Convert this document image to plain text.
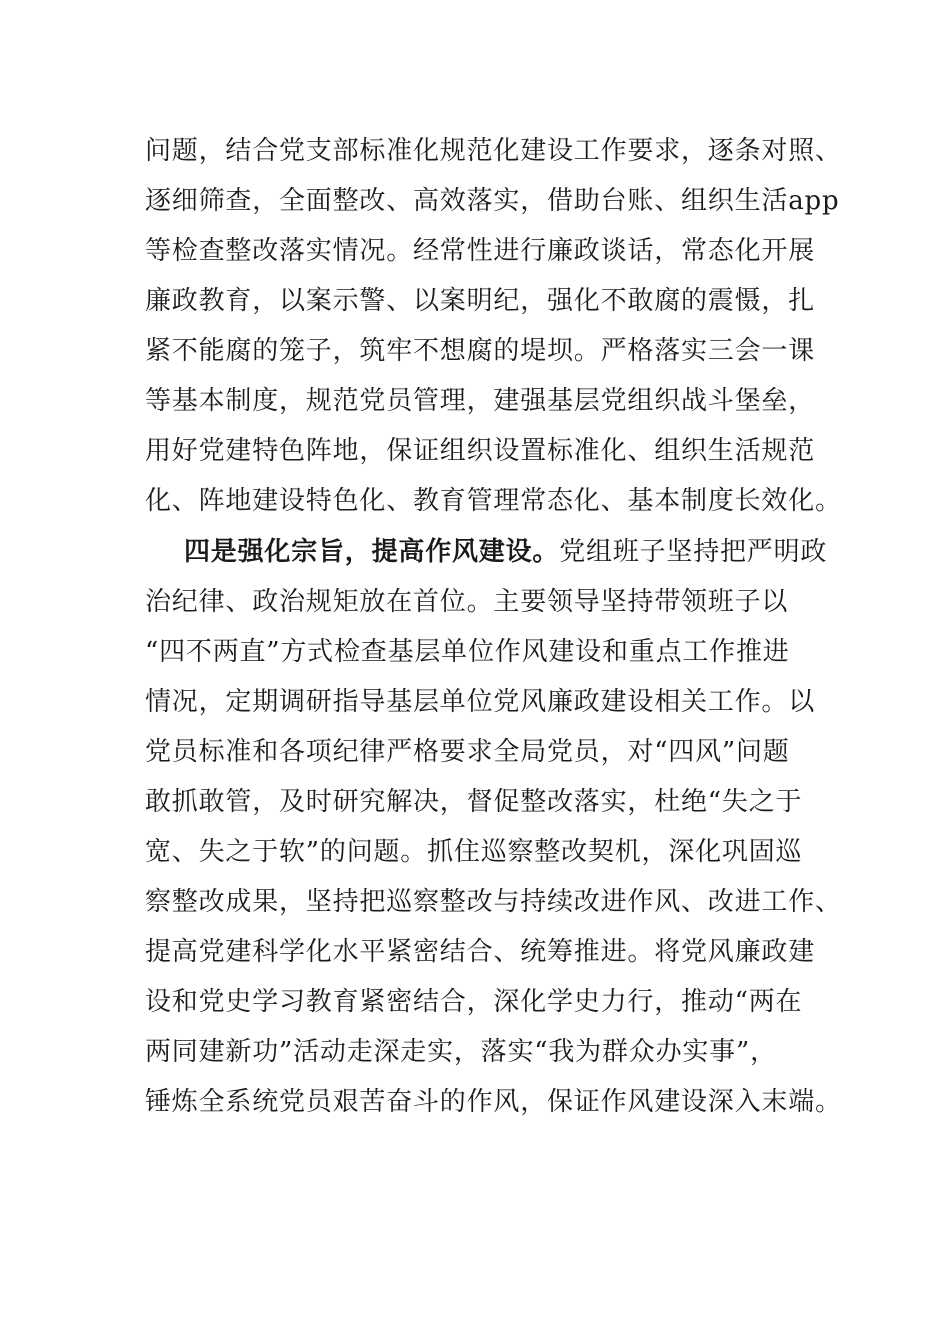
问题，结合党支部标准化规范化建设工作要求，逐条对照、
逐细筛查，全面整改、高效落实，借助台账、组织生活app
等检查整改落实情况。经常性进行廉政谈话，常态化开展
廉政教育，以案示警、以案明纪，强化不敢腐的震慑，扎
紧不能腐的笼子，筑牢不想腐的堤坝。严格落实三会一课
等基本制度，规范党员管理，建强基层党组织战斗堡垒，
用好党建特色阵地，保证组织设置标准化、组织生活规范
化、阵地建设特色化、教育管理常态化、基本制度长效化。
四是强化宗旨，提高作风建设。党组班子坚持把严明政
治纪律、政治规矩放在首位。主要领导坚持带领班子以
“四不两直”方式检查基层单位作风建设和重点工作推进
情况，定期调研指导基层单位党风廉政建设相关工作。以
党员标准和各项纪律严格要求全局党员，对“四风”问题
敢抓敢管，及时研究解决，督促整改落实，杜绝“失之于
宽、失之于软”的问题。抓住巡察整改契机，深化巩固巡
察整改成果，坚持把巡察整改与持续改进作风、改进工作、
提高党建科学化水平紧密结合、统筹推进。将党风廉政建
设和党史学习教育紧密结合，深化学史力行，推动“两在
两同建新功”活动走深走实，落实“我为群众办实事”，
锤炼全系统党员艰苦奋斗的作风，保证作风建设深入末端。
